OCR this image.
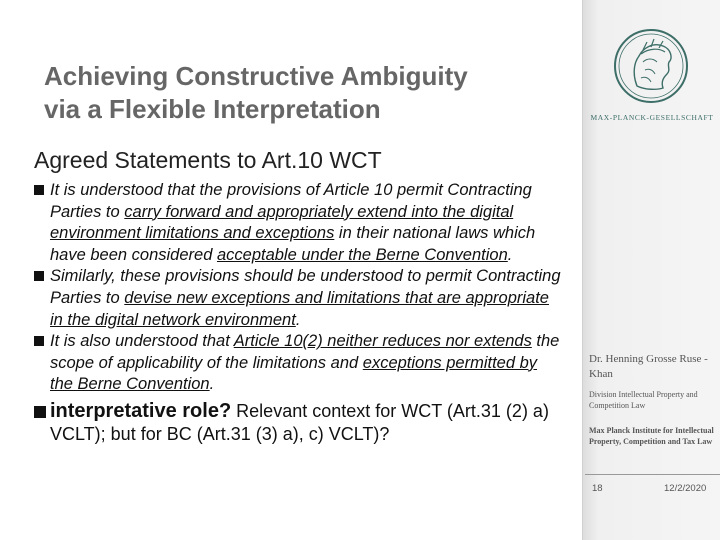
Achieving Constructive Ambiguity
via a Flexible Interpretation
Agreed Statements to Art.10 WCT
It is understood that the provisions of Article 10 permit Contracting Parties to carry forward and appropriately extend into the digital environment limitations and exceptions in their national laws which have been considered acceptable under the Berne Convention.
Similarly, these provisions should be understood to permit Contracting Parties to devise new exceptions and limitations that are appropriate in the digital network environment.
It is also understood that Article 10(2) neither reduces nor extends the scope of applicability of the limitations and exceptions permitted by the Berne Convention.
interpretative role? Relevant context for WCT (Art.31 (2) a) VCLT); but for BC (Art.31 (3) a), c) VCLT)?
MAX-PLANCK-GESELLSCHAFT
Dr. Henning Grosse Ruse - Khan
Division Intellectual Property and Competition Law
Max Planck Institute for Intellectual Property, Competition and Tax Law
18	12/2/2020
